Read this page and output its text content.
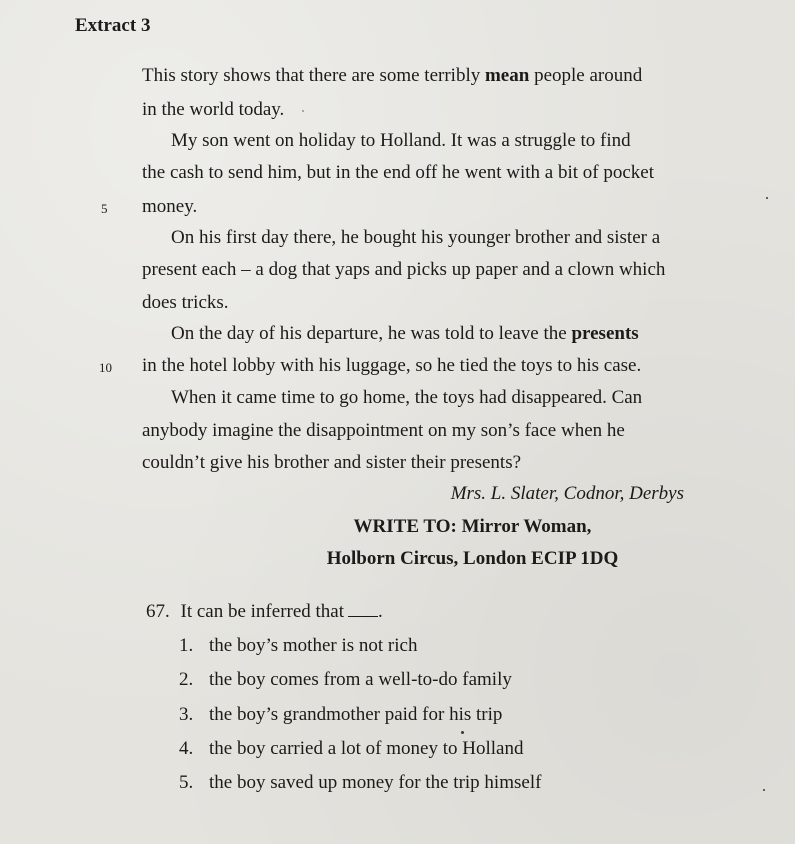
Extract 3
This story shows that there are some terribly mean people around
in the world today.
My son went on holiday to Holland. It was a struggle to find
the cash to send him, but in the end off he went with a bit of pocket
5 money.
On his first day there, he bought his younger brother and sister a
present each – a dog that yaps and picks up paper and a clown which
does tricks.
On the day of his departure, he was told to leave the presents
10 in the hotel lobby with his luggage, so he tied the toys to his case.
When it came time to go home, the toys had disappeared. Can
anybody imagine the disappointment on my son’s face when he
couldn’t give his brother and sister their presents?
Mrs. L. Slater, Codnor, Derbys
WRITE TO: Mirror Woman,
Holborn Circus, London ECIP 1DQ
67. It can be inferred that .
1. the boy’s mother is not rich
2. the boy comes from a well-to-do family
3. the boy’s grandmother paid for his trip
4. the boy carried a lot of money to Holland
5. the boy saved up money for the trip himself
